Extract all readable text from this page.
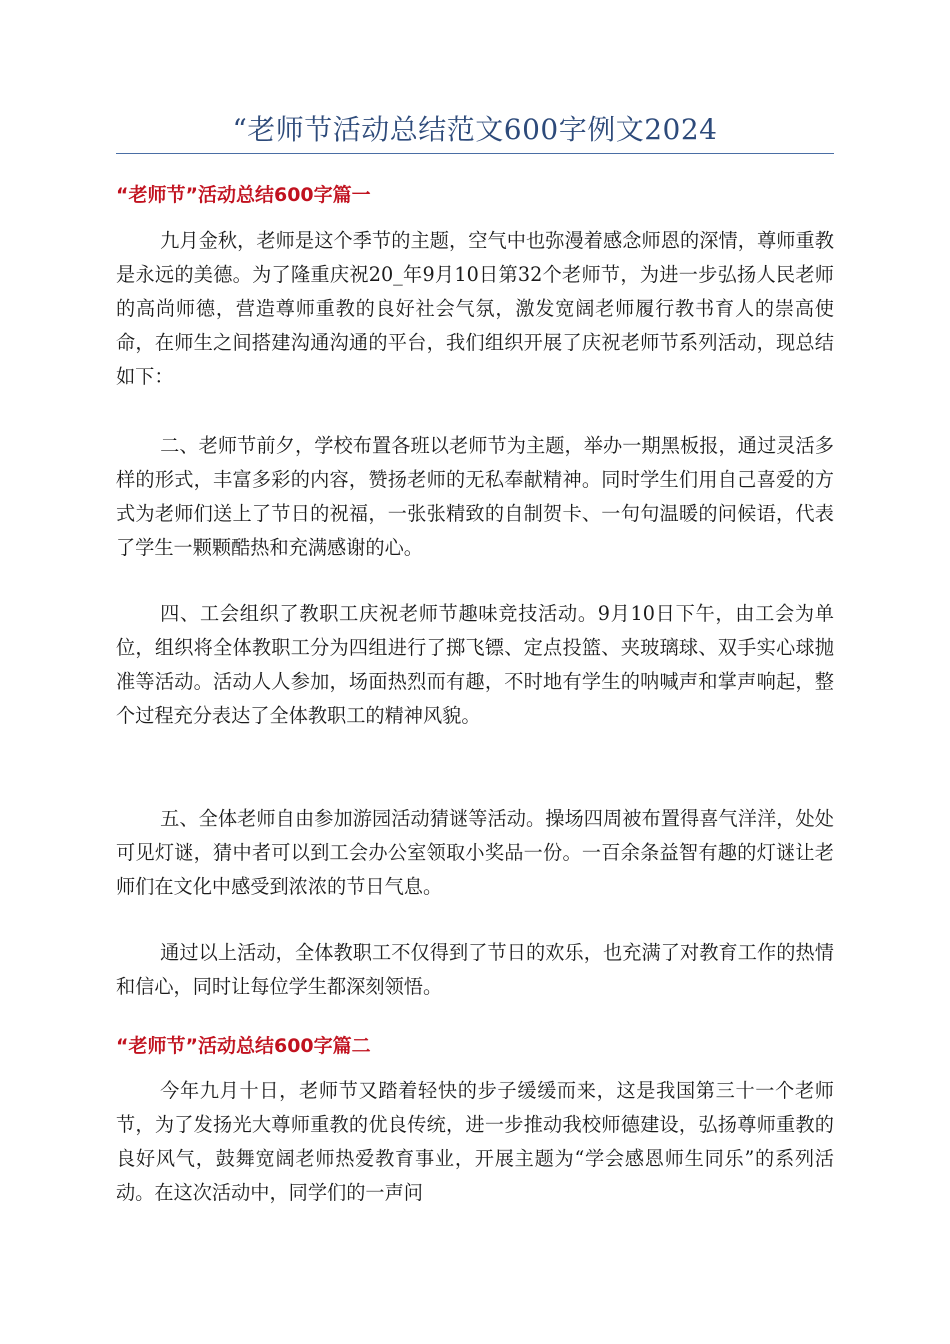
“老师节活动总结范文600字例文2024
“老师节”活动总结600字篇一

九月金秋，老师是这个季节的主题，空气中也弥漫着感念师恩的深情，尊师重教是永远的美德。为了隆重庆祝20_年9月10日第32个老师节，为进一步弘扬人民老师的高尚师德，营造尊师重教的良好社会气氛，激发宽阔老师履行教书育人的崇高使命，在师生之间搭建沟通沟通的平台，我们组织开展了庆祝老师节系列活动，现总结如下：

二、老师节前夕，学校布置各班以老师节为主题，举办一期黑板报，通过灵活多样的形式，丰富多彩的内容，赞扬老师的无私奉献精神。同时学生们用自己喜爱的方式为老师们送上了节日的祝福，一张张精致的自制贺卡、一句句温暖的问候语，代表了学生一颗颗酷热和充满感谢的心。

四、工会组织了教职工庆祝老师节趣味竞技活动。9月10日下午，由工会为单位，组织将全体教职工分为四组进行了掷飞镖、定点投篮、夹玻璃球、双手实心球抛准等活动。活动人人参加，场面热烈而有趣，不时地有学生的呐喊声和掌声响起，整个过程充分表达了全体教职工的精神风貌。

五、全体老师自由参加游园活动猜谜等活动。操场四周被布置得喜气洋洋，处处可见灯谜，猜中者可以到工会办公室领取小奖品一份。一百余条益智有趣的灯谜让老师们在文化中感受到浓浓的节日气息。

通过以上活动，全体教职工不仅得到了节日的欢乐，也充满了对教育工作的热情和信心，同时让每位学生都深刻领悟。

“老师节”活动总结600字篇二

今年九月十日，老师节又踏着轻快的步子缓缓而来，这是我国第三十一个老师节，为了发扬光大尊师重教的优良传统，进一步推动我校师德建设，弘扬尊师重教的良好风气，鼓舞宽阔老师热爱教育事业，开展主题为“学会感恩师生同乐”的系列活动。在这次活动中，同学们的一声问
